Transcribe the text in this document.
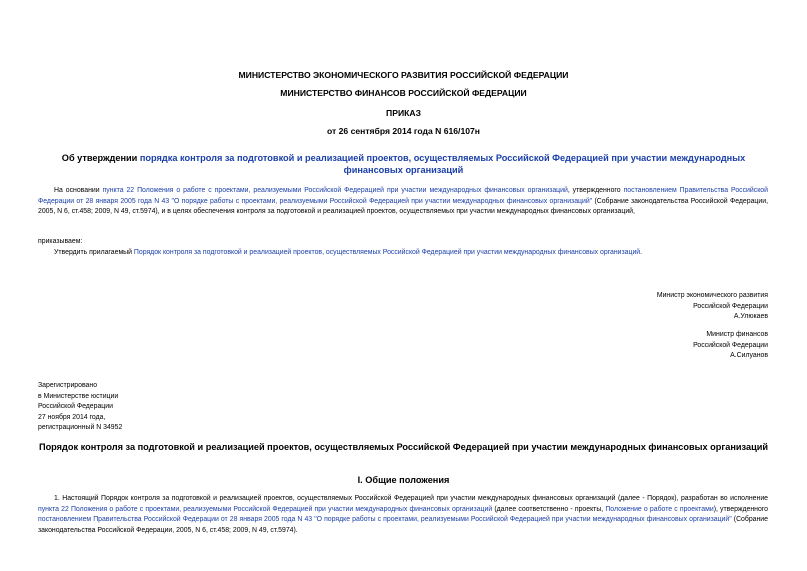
МИНИСТЕРСТВО ЭКОНОМИЧЕСКОГО РАЗВИТИЯ РОССИЙСКОЙ ФЕДЕРАЦИИ
МИНИСТЕРСТВО ФИНАНСОВ РОССИЙСКОЙ ФЕДЕРАЦИИ
ПРИКАЗ
от 26 сентября 2014 года N 616/107н
Об утверждении порядка контроля за подготовкой и реализацией проектов, осуществляемых Российской Федерацией при участии международных финансовых организаций
На основании пункта 22 Положения о работе с проектами, реализуемыми Российской Федерацией при участии международных финансовых организаций, утвержденного постановлением Правительства Российской Федерации от 28 января 2005 года N 43 "О порядке работы с проектами, реализуемыми Российской Федерацией при участии международных финансовых организаций" (Собрание законодательства Российской Федерации, 2005, N 6, ст.458; 2009, N 49, ст.5974), и в целях обеспечения контроля за подготовкой и реализацией проектов, осуществляемых при участии международных финансовых организаций,
приказываем:
Утвердить прилагаемый Порядок контроля за подготовкой и реализацией проектов, осуществляемых Российской Федерацией при участии международных финансовых организаций.
Министр экономического развития
Российской Федерации
А.Улюкаев
Министр финансов
Российской Федерации
А.Силуанов
Зарегистрировано
в Министерстве юстиции
Российской Федерации
27 ноября 2014 года,
регистрационный N 34952
Порядок контроля за подготовкой и реализацией проектов, осуществляемых Российской Федерацией при участии международных финансовых организаций
I. Общие положения
1. Настоящий Порядок контроля за подготовкой и реализацией проектов, осуществляемых Российской Федерацией при участии международных финансовых организаций (далее - Порядок), разработан во исполнение пункта 22 Положения о работе с проектами, реализуемыми Российской Федерацией при участии международных финансовых организаций (далее соответственно - проекты, Положение о работе с проектами), утвержденного постановлением Правительства Российской Федерации от 28 января 2005 года N 43 "О порядке работы с проектами, реализуемыми Российской Федерацией при участии международных финансовых организаций" (Собрание законодательства Российской Федерации, 2005, N 6, ст.458; 2009, N 49, ст.5974).
